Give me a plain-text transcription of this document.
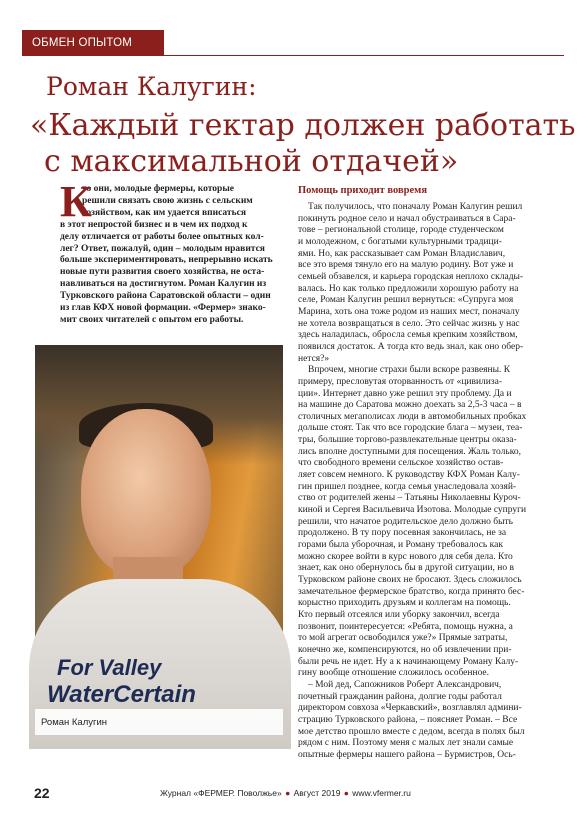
ОБМЕН ОПЫТОМ
Роман Калугин:
«Каждый гектар должен работать
с максимальной отдачей»
К
то они, молодые фермеры, которые
решили связать свою жизнь с сельским
хозяйством, как им удается вписаться
в этот непростой бизнес и в чем их подход к
делу отличается от работы более опытных кол-
лег? Ответ, пожалуй, один – молодым нравится
больше экспериментировать, непрерывно искать
новые пути развития своего хозяйства, не оста-
навливаться на достигнутом. Роман Калугин из
Турковского района Саратовской области – один
из глав КФХ новой формации. «Фермер» знако-
мит своих читателей с опытом его работы.
For Valley
WaterCertain
Роман Калугин
Помощь приходит вовремя
Так получилось, что поначалу Роман Калугин решил
покинуть родное село и начал обустраиваться в Сара-
тове – региональной столице, городе студенческом
и молодежном, с богатыми культурными традици-
ями. Но, как рассказывает сам Роман Владиславич,
все это время тянуло его на малую родину. Вот уже и
семьей обзавелся, и карьера городская неплохо склады-
валась. Но как только предложили хорошую работу на
селе, Роман Калугин решил вернуться: «Супруга моя
Марина, хоть она тоже родом из наших мест, поначалу
не хотела возвращаться в село. Это сейчас жизнь у нас
здесь наладилась, обросла семья крепким хозяйством,
появился достаток. А тогда кто ведь знал, как оно обер-
нется?»
Впрочем, многие страхи были вскоре развеяны. К
примеру, пресловутая оторванность от «цивилиза-
ции». Интернет давно уже решил эту проблему. Да и
на машине до Саратова можно доехать за 2,5-3 часа – в
столичных мегаполисах люди в автомобильных пробках
дольше стоят. Так что все городские блага – музеи, теа-
тры, большие торгово-развлекательные центры оказа-
лись вполне доступными для посещения. Жаль только,
что свободного времени сельское хозяйство остав-
ляет совсем немного. К руководству КФХ Роман Калу-
гин пришел позднее, когда семья унаследовала хозяй-
ство от родителей жены – Татьяны Николаевны Куроч-
киной и Сергея Васильевича Изотова. Молодые супруги
решили, что начатое родительское дело должно быть
продолжено. В ту пору посевная закончилась, не за
горами была уборочная, и Роману требовалось как
можно скорее войти в курс нового для себя дела. Кто
знает, как оно обернулось бы в другой ситуации, но в
Турковском районе своих не бросают. Здесь сложилось
замечательное фермерское братство, когда принято бес-
корыстно приходить друзьям и коллегам на помощь.
Кто первый отсеялся или уборку закончил, всегда
позвонит, поинтересуется: «Ребята, помощь нужна, а
то мой агрегат освободился уже?» Прямые затраты,
конечно же, компенсируются, но об извлечении при-
были речь не идет. Ну а к начинающему Роману Калу-
гину вообще отношение сложилось особенное.
– Мой дед, Сапожников Роберт Александрович,
почетный гражданин района, долгие годы работал
директором совхоза «Черкавский», возглавлял админи-
страцию Турковского района, – поясняет Роман. – Все
мое детство прошло вместе с дедом, всегда в полях был
рядом с ним. Поэтому меня с малых лет знали самые
опытные фермеры нашего района – Бурмистров, Ось-
22	Журнал «ФЕРМЕР. Поволжье» ● Август 2019 ● www.vfermer.ru
